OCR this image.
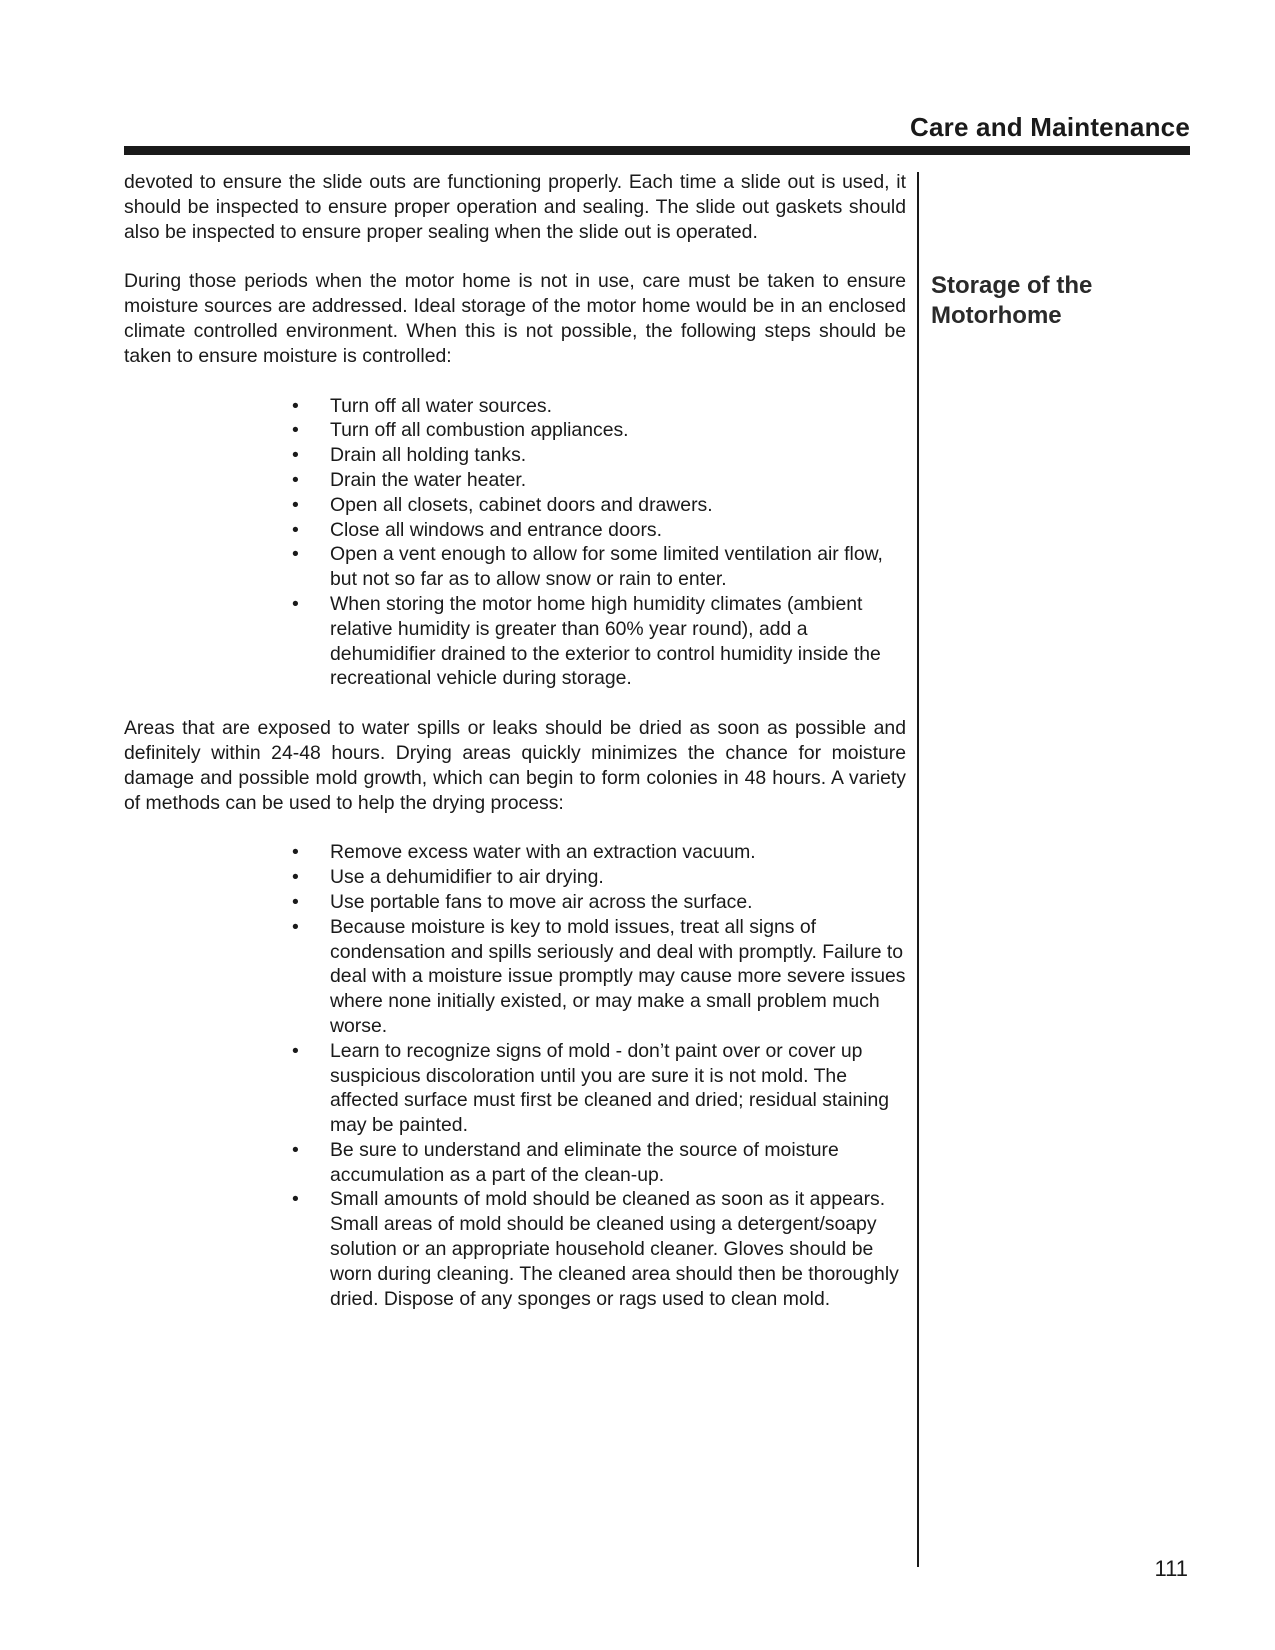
Care and Maintenance

devoted to ensure the slide outs are functioning properly. Each time a slide out is used, it should be inspected to ensure proper operation and sealing. The slide out gaskets should also be inspected to ensure proper sealing when the slide out is operated.

During those periods when the motor home is not in use, care must be taken to ensure moisture sources are addressed. Ideal storage of the motor home would be in an enclosed climate controlled environment. When this is not possible, the following steps should be taken to ensure moisture is controlled:

• Turn off all water sources.
• Turn off all combustion appliances.
• Drain all holding tanks.
• Drain the water heater.
• Open all closets, cabinet doors and drawers.
• Close all windows and entrance doors.
• Open a vent enough to allow for some limited ventilation air flow, but not so far as to allow snow or rain to enter.
• When storing the motor home high humidity climates (ambient relative humidity is greater than 60% year round), add a dehumidifier drained to the exterior to control humidity inside the recreational vehicle during storage.

Areas that are exposed to water spills or leaks should be dried as soon as possible and definitely within 24-48 hours. Drying areas quickly minimizes the chance for moisture damage and possible mold growth, which can begin to form colonies in 48 hours. A variety of methods can be used to help the drying process:

• Remove excess water with an extraction vacuum.
• Use a dehumidifier to air drying.
• Use portable fans to move air across the surface.
• Because moisture is key to mold issues, treat all signs of condensation and spills seriously and deal with promptly. Failure to deal with a moisture issue promptly may cause more severe issues where none initially existed, or may make a small problem much worse.
• Learn to recognize signs of mold - don’t paint over or cover up suspicious discoloration until you are sure it is not mold. The affected surface must first be cleaned and dried; residual staining may be painted.
• Be sure to understand and eliminate the source of moisture accumulation as a part of the clean-up.
• Small amounts of mold should be cleaned as soon as it appears. Small areas of mold should be cleaned using a detergent/soapy solution or an appropriate household cleaner. Gloves should be worn during cleaning. The cleaned area should then be thoroughly dried. Dispose of any sponges or rags used to clean mold.
Storage of the
Motorhome
111
